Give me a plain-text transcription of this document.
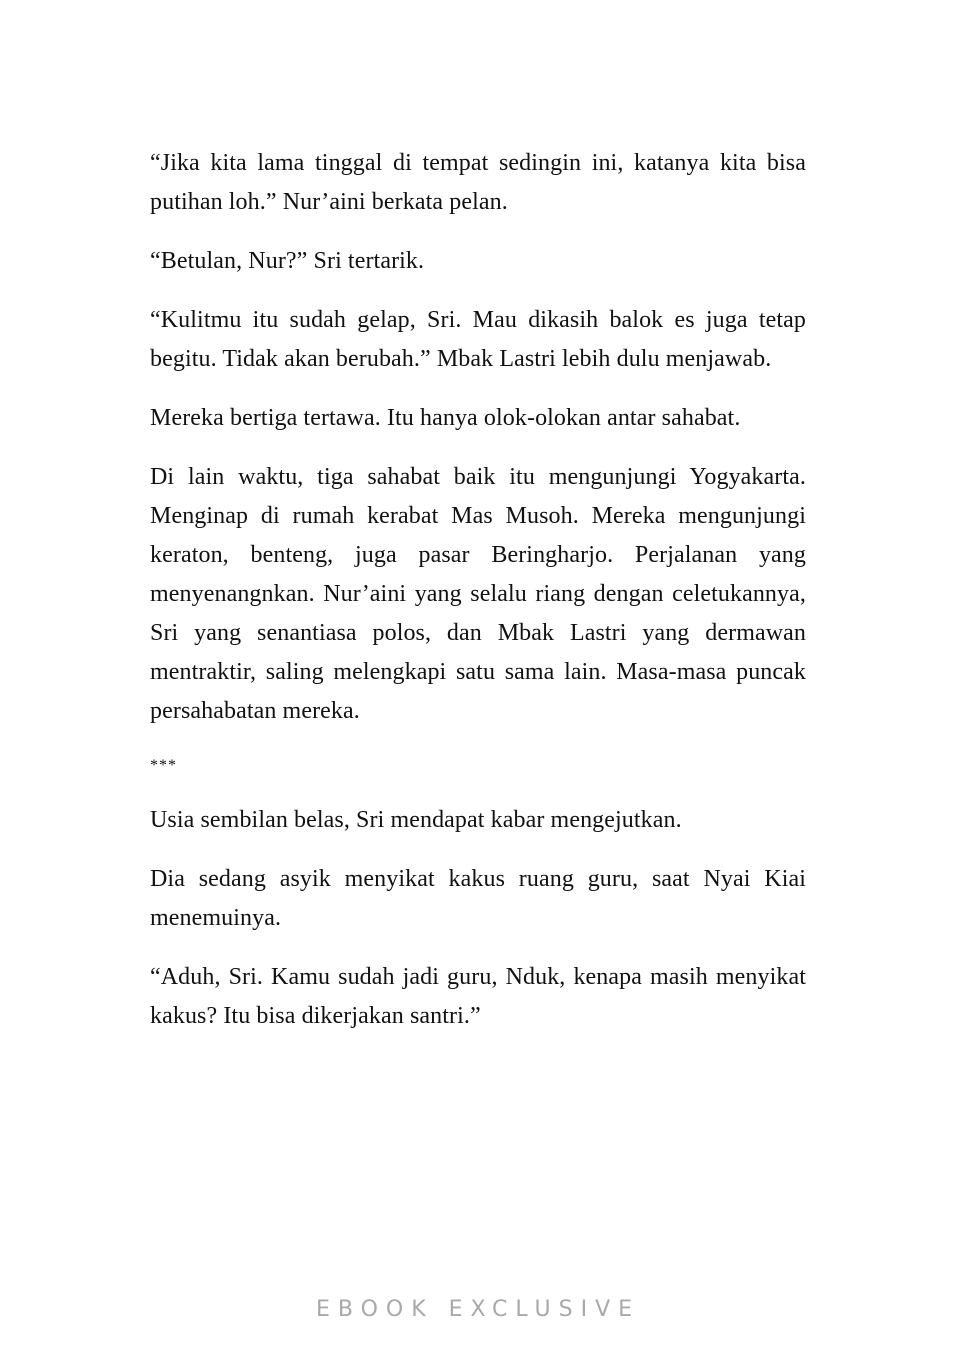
“Jika kita lama tinggal di tempat sedingin ini, katanya kita bisa putihan loh.” Nur’aini berkata pelan.

“Betulan, Nur?” Sri tertarik.

“Kulitmu itu sudah gelap, Sri. Mau dikasih balok es juga tetap begitu. Tidak akan berubah.” Mbak Lastri lebih dulu menjawab.

Mereka bertiga tertawa. Itu hanya olok-olokan antar sahabat.

Di lain waktu, tiga sahabat baik itu mengunjungi Yogyakarta. Menginap di rumah kerabat Mas Musoh. Mereka mengunjungi keraton, benteng, juga pasar Beringharjo. Perjalanan yang menyenangnkan. Nur’aini yang selalu riang dengan celetukannya, Sri yang senantiasa polos, dan Mbak Lastri yang dermawan mentraktir, saling melengkapi satu sama lain. Masa-masa puncak persahabatan mereka.

***

Usia sembilan belas, Sri mendapat kabar mengejutkan.

Dia sedang asyik menyikat kakus ruang guru, saat Nyai Kiai menemuinya.

“Aduh, Sri. Kamu sudah jadi guru, Nduk, kenapa masih menyikat kakus? Itu bisa dikerjakan santri.”

EBOOK EXCLUSIVE
